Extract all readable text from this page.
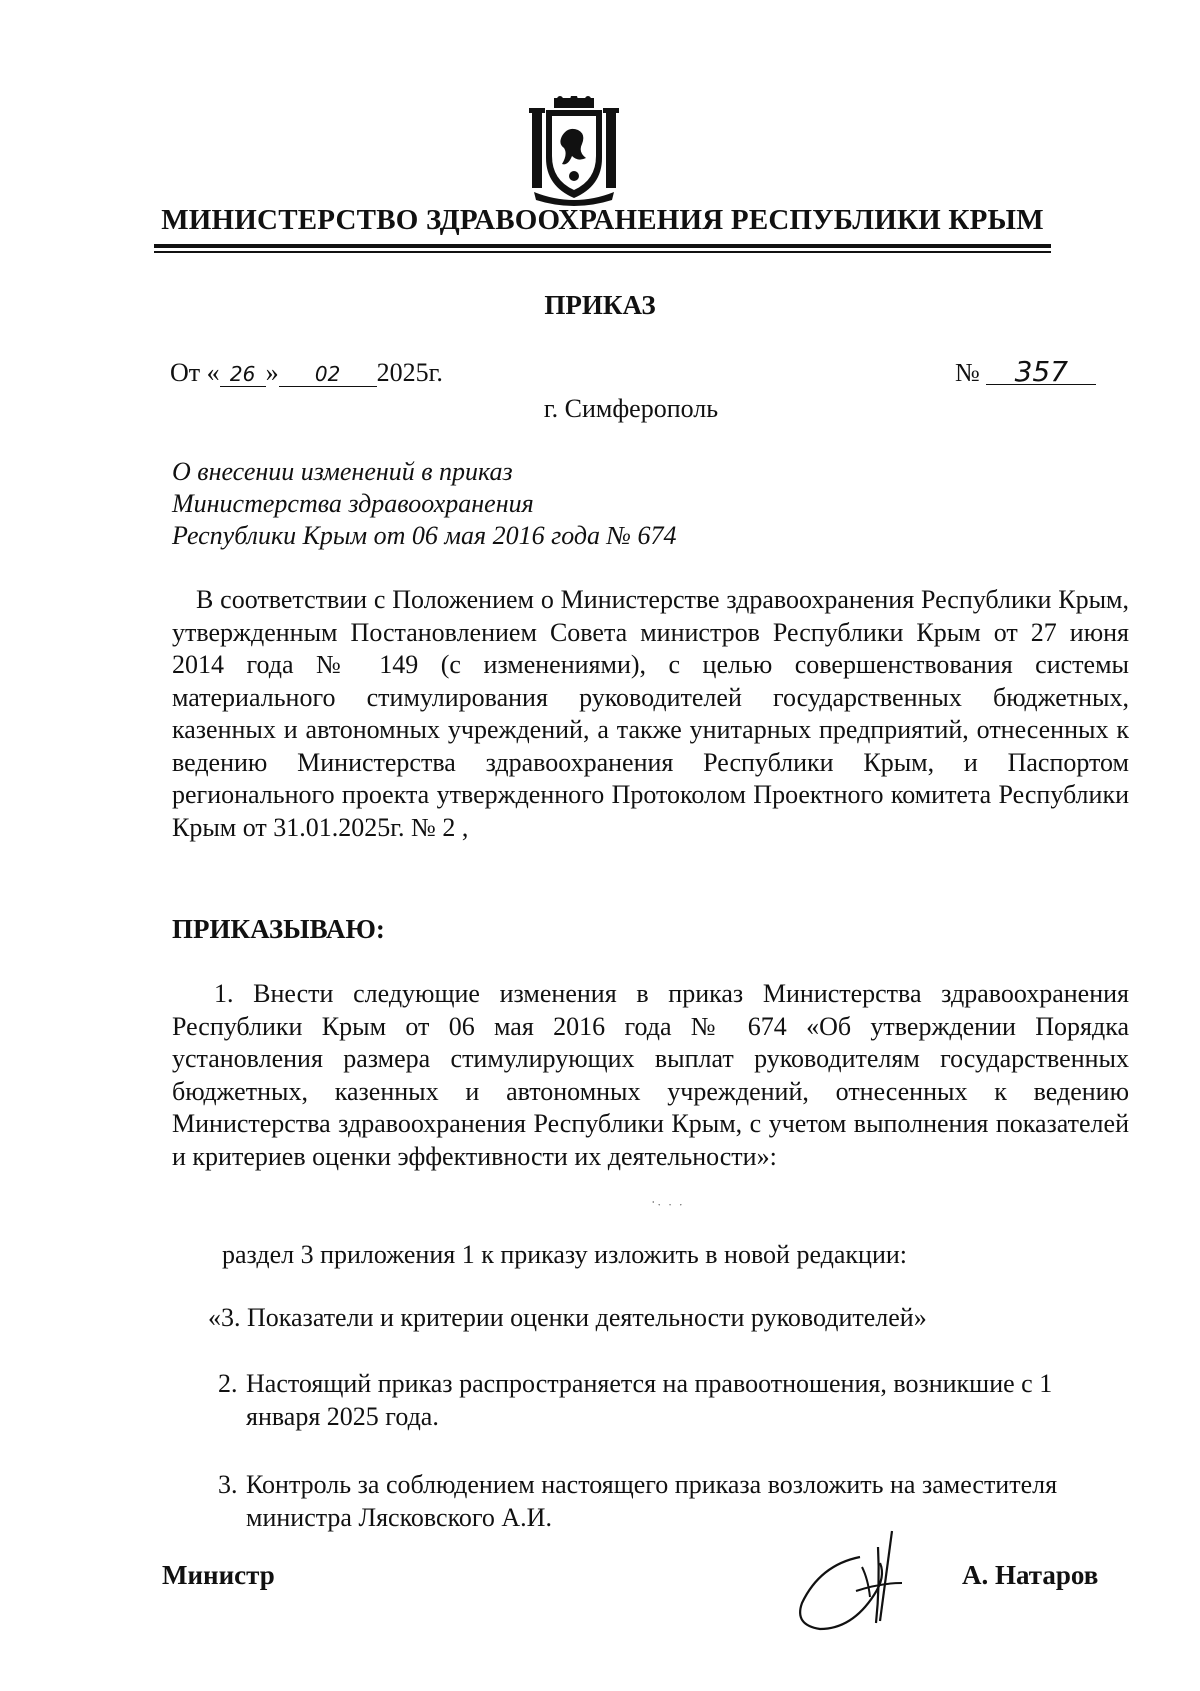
МИНИСТЕРСТВО ЗДРАВООХРАНЕНИЯ РЕСПУБЛИКИ КРЫМ
ПРИКАЗ
От « 26 » 02 2025г.	№ 357
г. Симферополь
О внесении изменений в приказ
Министерства здравоохранения
Республики Крым от 06 мая 2016 года № 674
В соответствии с Положением о Министерстве здравоохранения Республики Крым, утвержденным Постановлением Совета министров Республики Крым от 27 июня 2014 года № 149 (с изменениями), с целью совершенствования системы материального стимулирования руководителей государственных бюджетных, казенных и автономных учреждений, а также унитарных предприятий, отнесенных к ведению Министерства здравоохранения Республики Крым, и Паспортом регионального проекта утвержденного Протоколом Проектного комитета Республики Крым от 31.01.2025г. № 2 ,
ПРИКАЗЫВАЮ:
1. Внести следующие изменения в приказ Министерства здравоохранения Республики Крым от 06 мая 2016 года № 674 «Об утверждении Порядка установления размера стимулирующих выплат руководителям государственных бюджетных, казенных и автономных учреждений, отнесенных к ведению Министерства здравоохранения Республики Крым, с учетом выполнения показателей и критериев оценки эффективности их деятельности»:
ˈˑ ˑ ˑ
раздел 3 приложения 1 к приказу изложить в новой редакции:
«3. Показатели и критерии оценки деятельности руководителей»
2. Настоящий приказ распространяется на правоотношения, возникшие с 1 января 2025 года.
3. Контроль за соблюдением настоящего приказа возложить на заместителя министра Лясковского А.И.
Министр	А. Натаров
